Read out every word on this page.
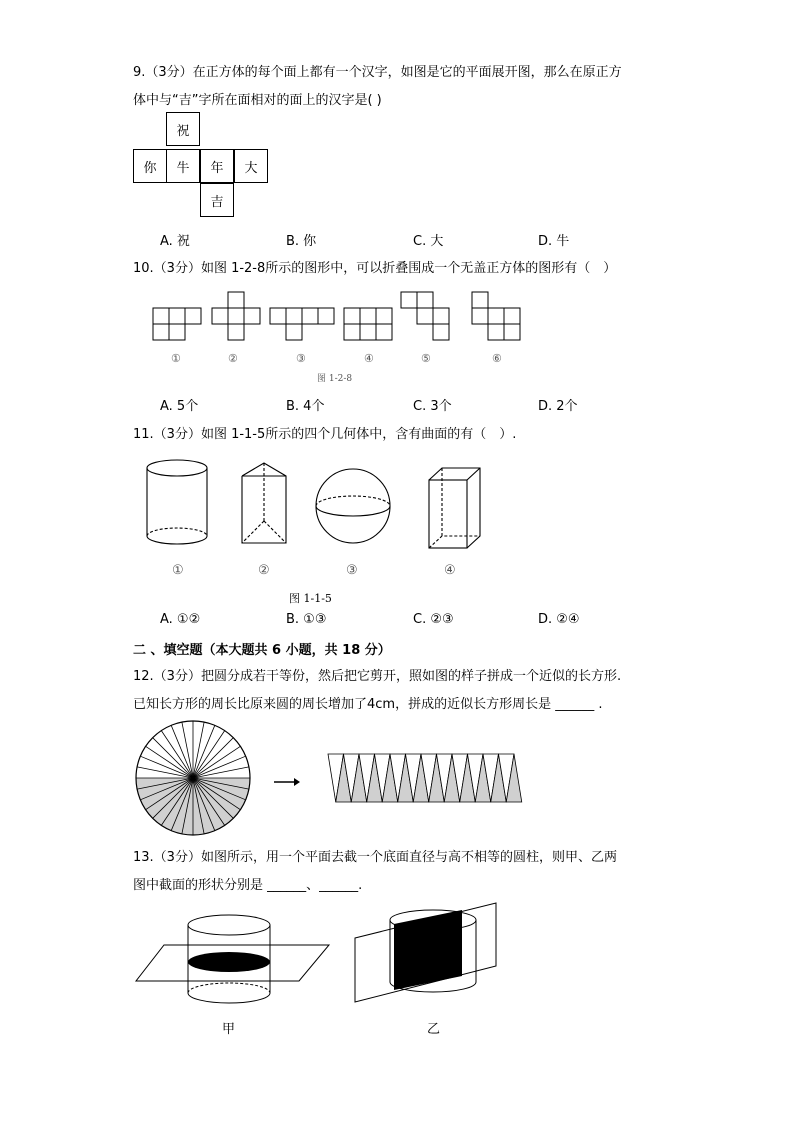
9.（3分）在正方体的每个面上都有一个汉字，如图是它的平面展开图，那么在原正方
体中与“吉”字所在面相对的面上的汉字是( )
祝
你	牛	年	大
吉
A. 祝	B. 你	C. 大	D. 牛
10.（3分）如图 1-2-8所示的图形中，可以折叠围成一个无盖正方体的图形有（　）
①	②	③	④	⑤	⑥
图 1-2-8
A. 5个	B. 4个	C. 3个	D. 2个
11.（3分）如图 1-1-5所示的四个几何体中，含有曲面的有（　）.
①	②	③	④
图 1-1-5
A. ①②	B. ①③	C. ②③	D. ②④
二 、填空题（本大题共 6 小题，共 18 分）
12.（3分）把圆分成若干等份，然后把它剪开，照如图的样子拼成一个近似的长方形.
已知长方形的周长比原来圆的周长增加了4cm，拼成的近似长方形周长是 ______ .
13.（3分）如图所示，用一个平面去截一个底面直径与高不相等的圆柱，则甲、乙两
图中截面的形状分别是 ______、______.
甲	乙
